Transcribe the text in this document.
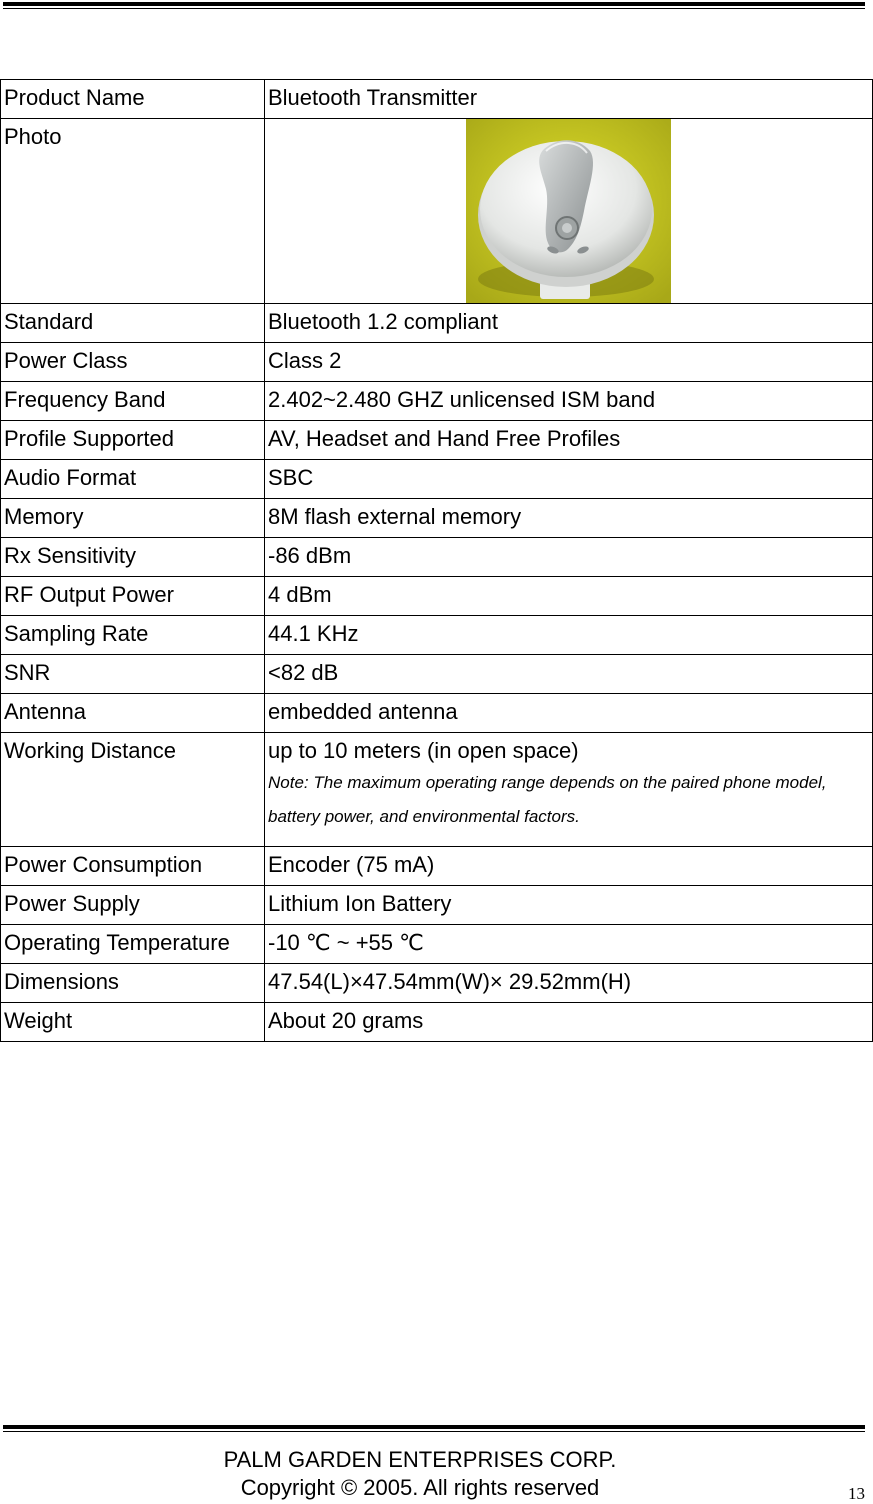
Product Name	Bluetooth Transmitter
Photo	
Standard	Bluetooth 1.2 compliant
Power Class	Class 2
Frequency Band	2.402~2.480 GHZ unlicensed ISM band
Profile Supported	AV, Headset and Hand Free Profiles
Audio Format	SBC
Memory	8M flash external memory
Rx Sensitivity	-86 dBm
RF Output Power	4 dBm
Sampling Rate	44.1 KHz
SNR	<82 dB
Antenna	embedded antenna
Working Distance	up to 10 meters (in open space)
Note: The maximum operating range depends on the paired phone model, battery power, and environmental factors.

Power Consumption	Encoder (75 mA)
Power Supply	Lithium Ion Battery
Operating Temperature	-10 ℃ ~ +55 ℃
Dimensions	47.54(L)×47.54mm(W)× 29.52mm(H)
Weight	About 20 grams
PALM GARDEN ENTERPRISES CORP.
Copyright © 2005. All rights reserved	13
